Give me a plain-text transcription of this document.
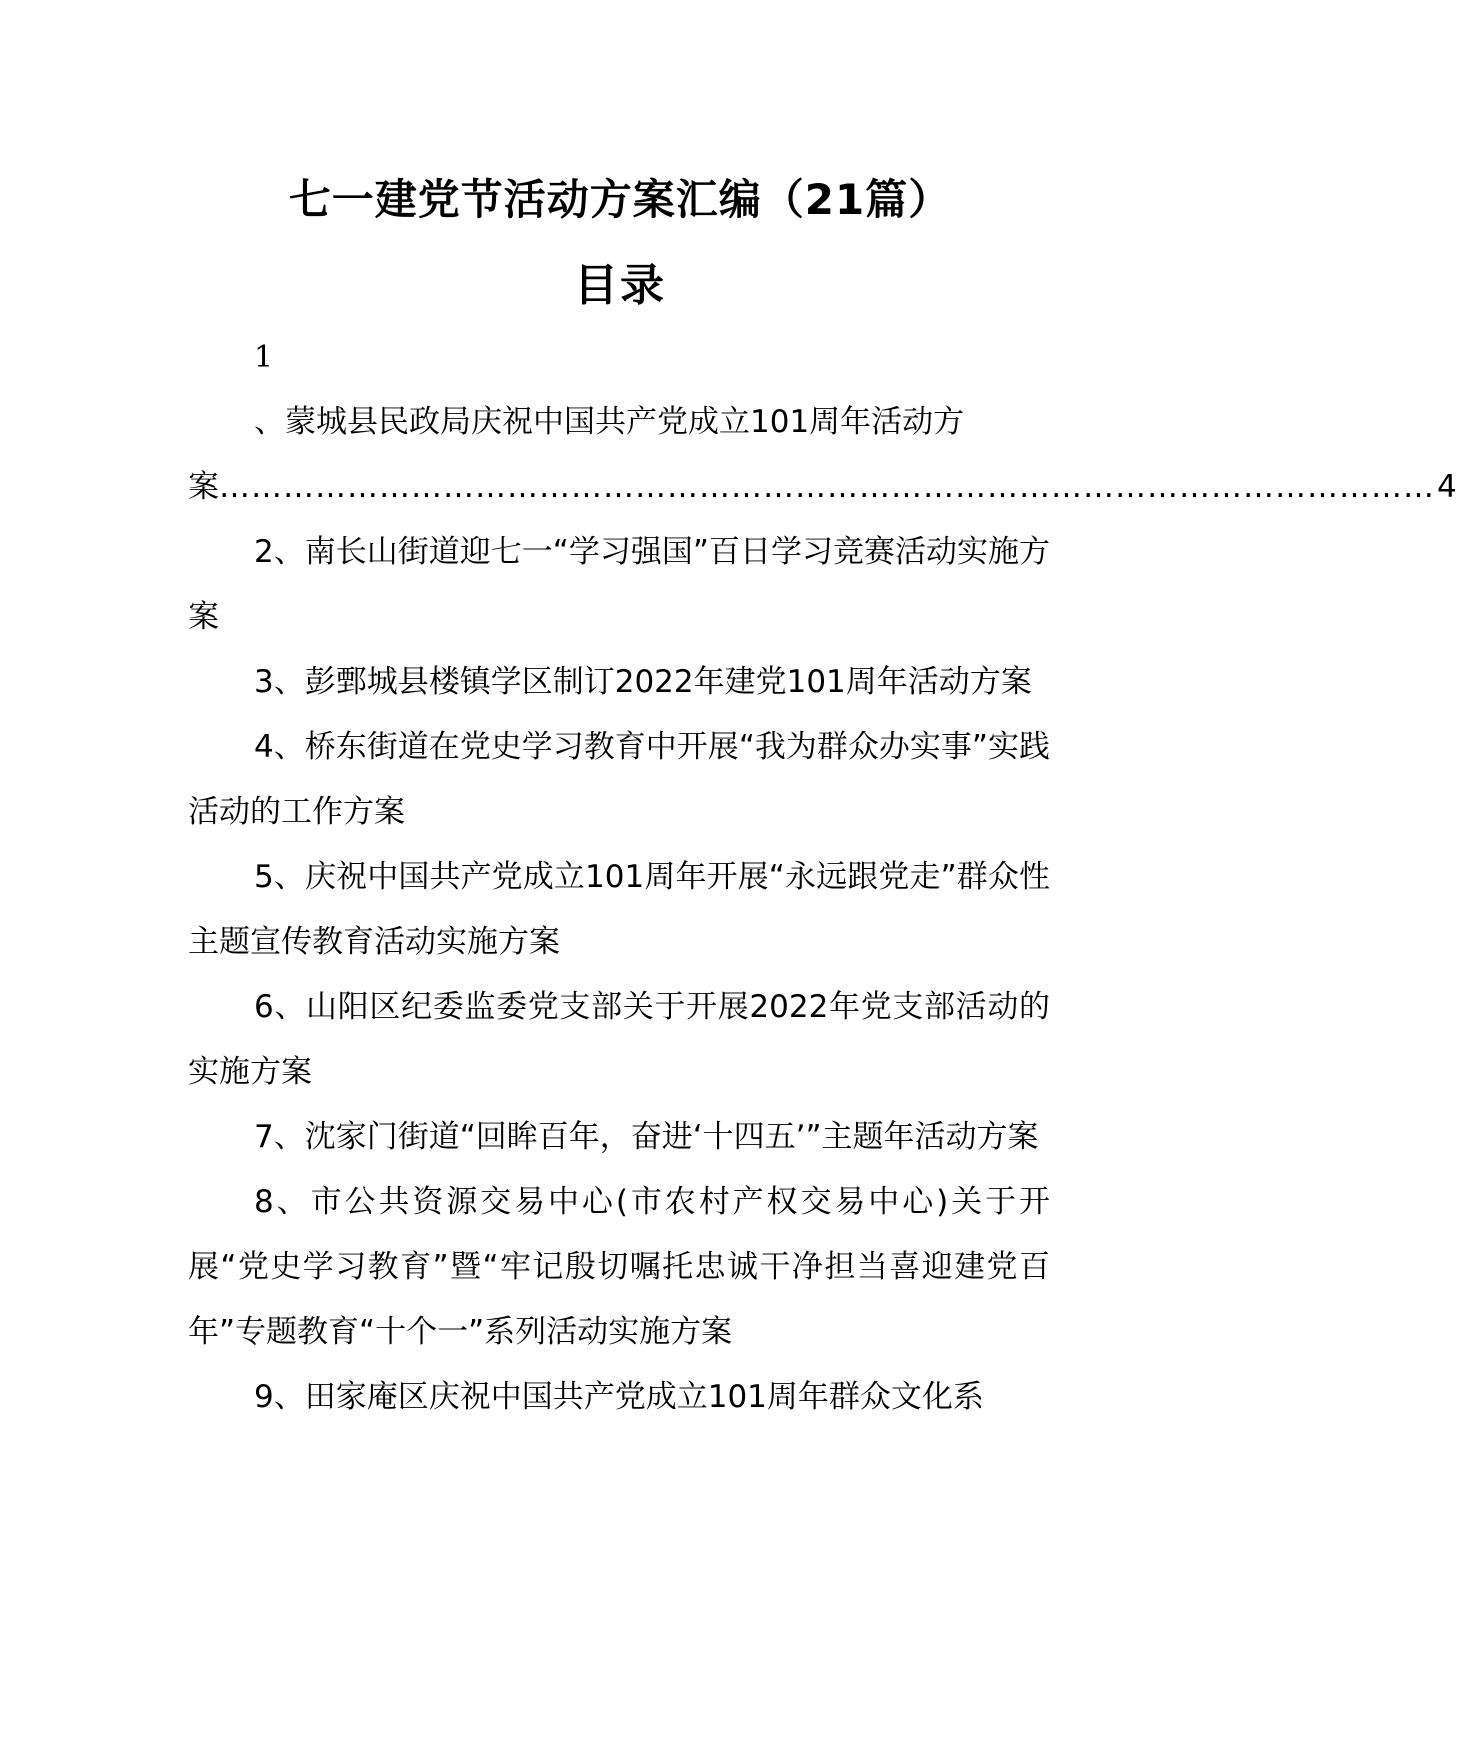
七一建党节活动方案汇编（21篇）
目录
1

、蒙城县民政局庆祝中国共产党成立101周年活动方

案 …………………………………………………………………………………………………… 4

2、南长山街道迎七一“学习强国”百日学习竞赛活动实施方案

3、彭鄄城县楼镇学区制订2022年建党101周年活动方案

4、桥东街道在党史学习教育中开展“我为群众办实事”实践活动的工作方案

5、庆祝中国共产党成立101周年开展“永远跟党走”群众性主题宣传教育活动实施方案

6、山阳区纪委监委党支部关于开展2022年党支部活动的实施方案

7、沈家门街道“回眸百年，奋进‘十四五’”主题年活动方案

8、市公共资源交易中心(市农村产权交易中心)关于开展“党史学习教育”暨“牢记殷切嘱托忠诚干净担当喜迎建党百年”专题教育“十个一”系列活动实施方案

9、田家庵区庆祝中国共产党成立101周年群众文化系
